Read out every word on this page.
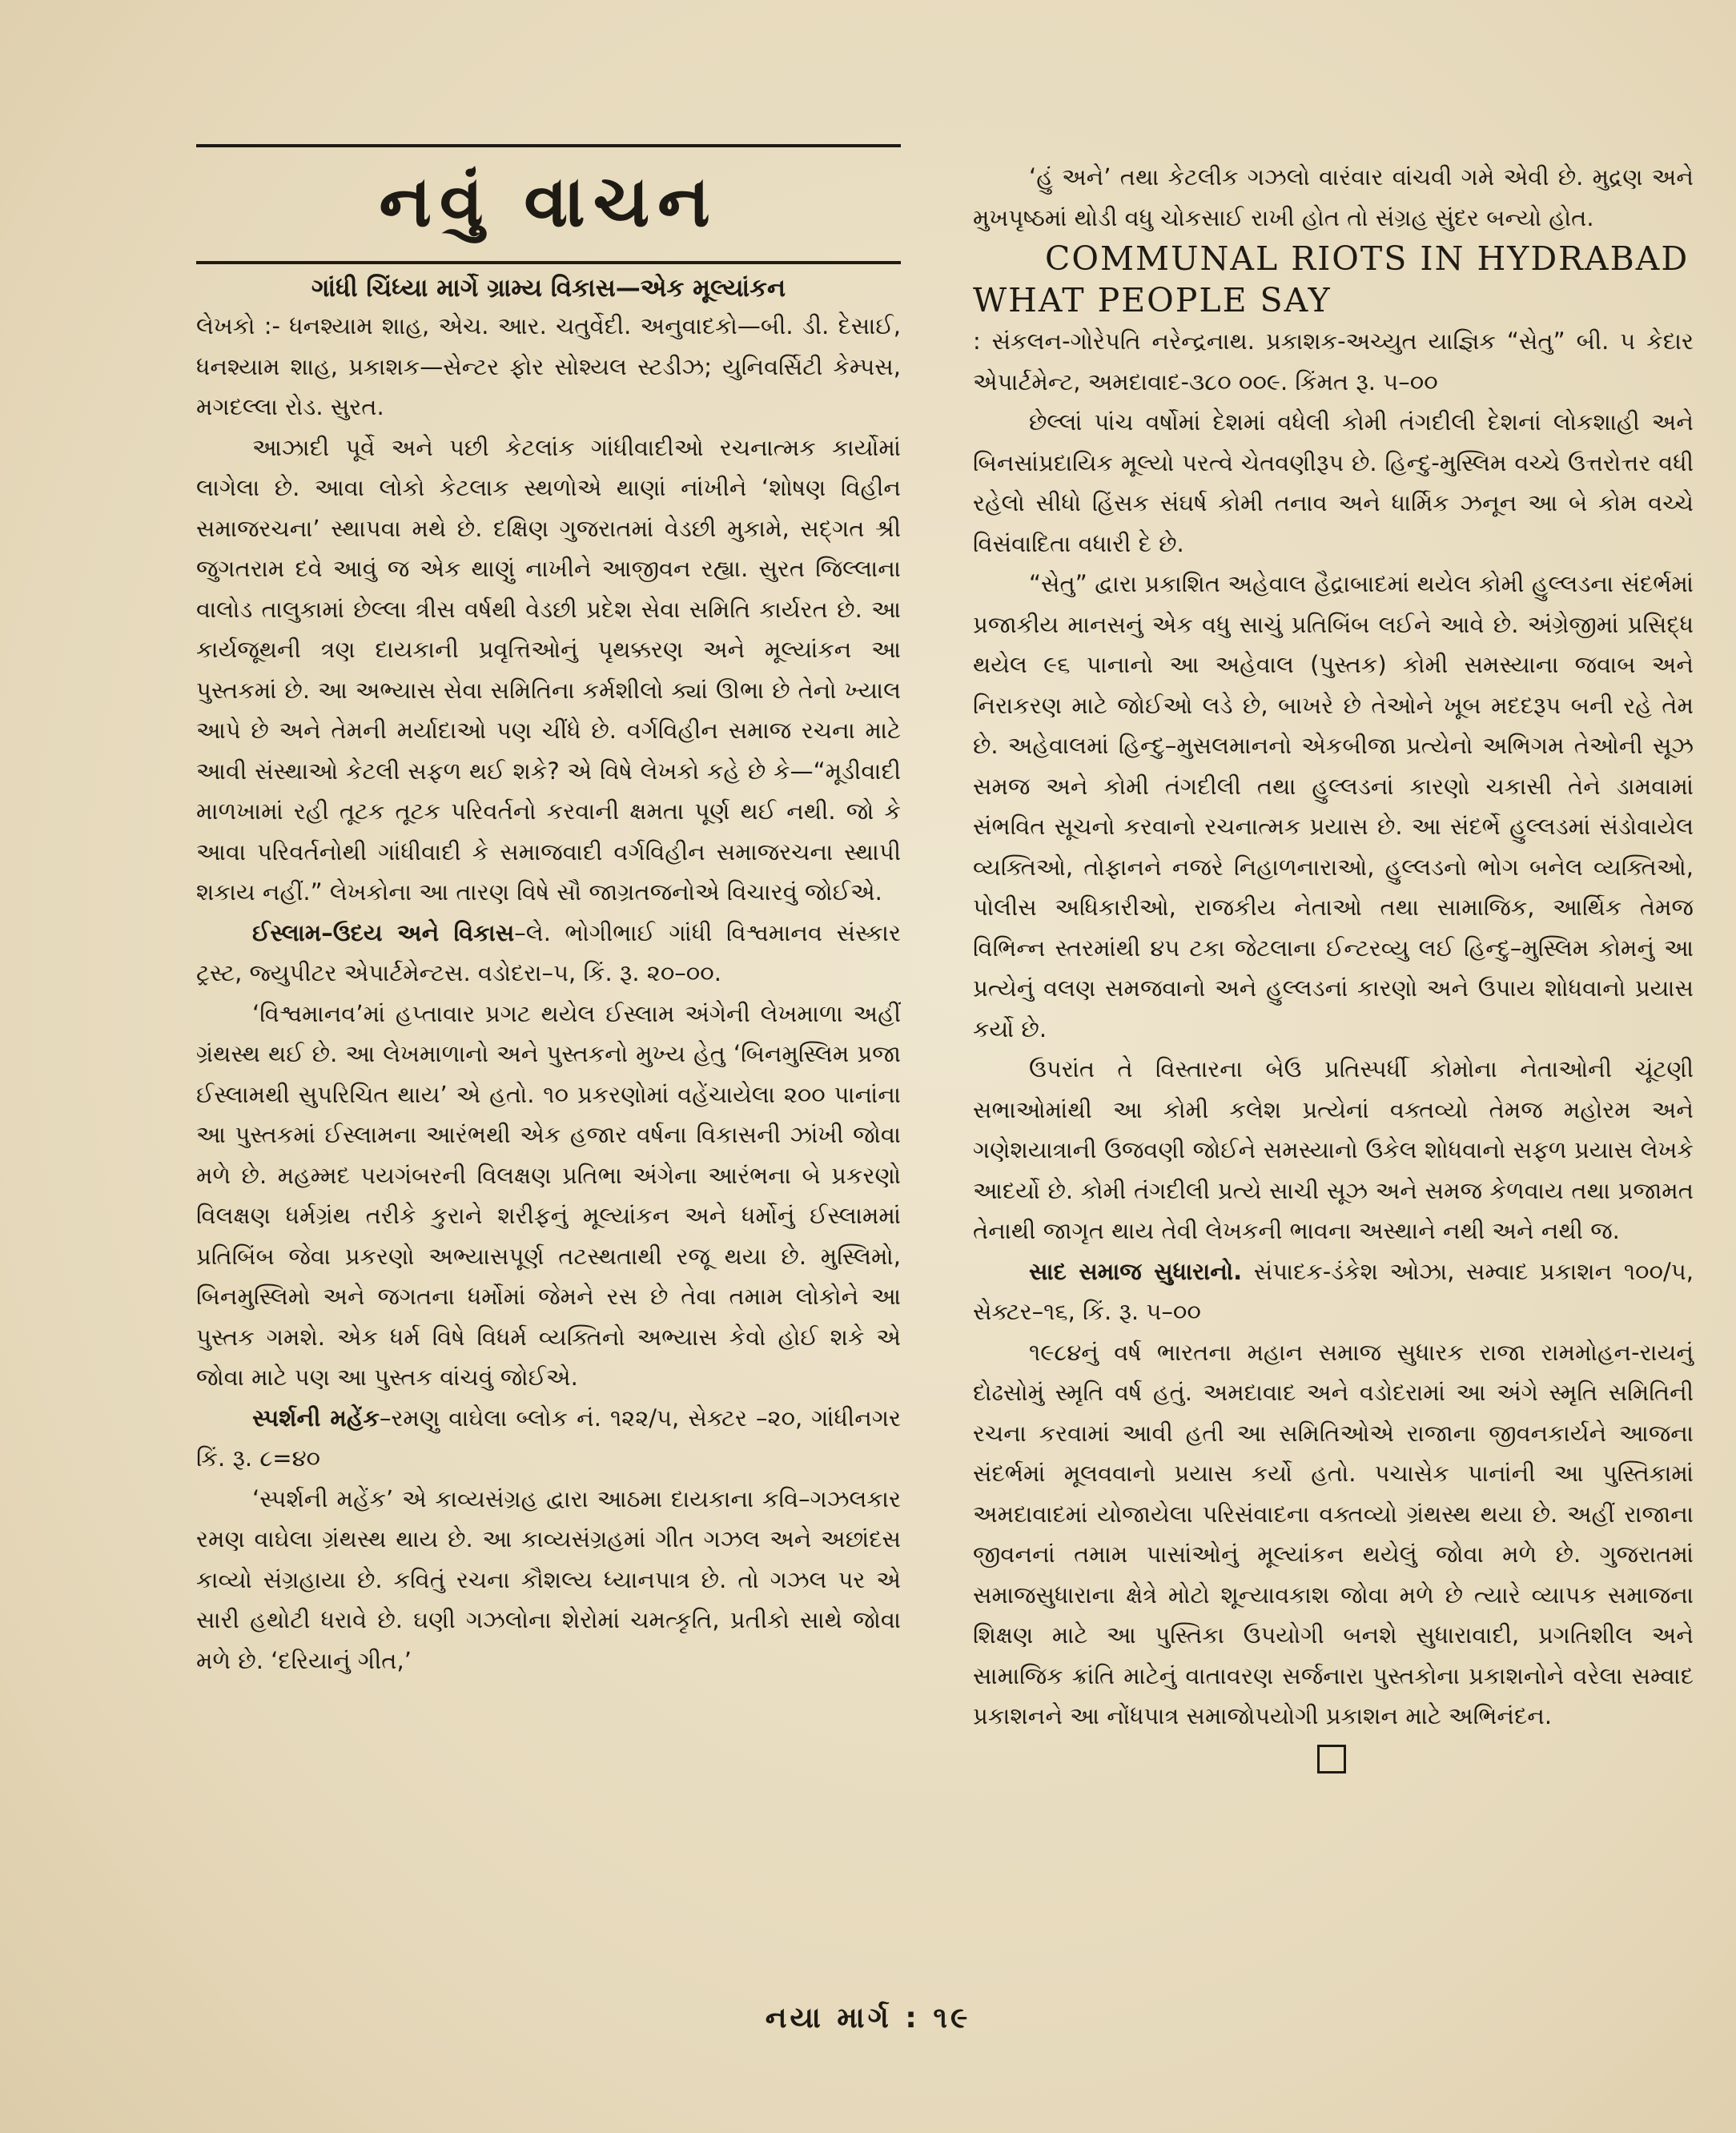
નવું વાચન

ગાંધી ચિંધ્યા માર્ગે ગ્રામ્ય વિકાસ—એક મૂલ્યાંકન

લેખકો :- ધનશ્યામ શાહ, એચ. આર. ચતુર્વેદી. અનુવાદકો—બી. ડી. દેસાઈ, ધનશ્યામ શાહ, પ્રકાશક—સેન્ટર ફોર સોશ્યલ સ્ટડીઝ; યુનિવર્સિટી કેમ્પસ, મગદલ્લા રોડ. સુરત.

આઝાદી પૂર્વે અને પછી કેટલાંક ગાંધીવાદીઓ રચનાત્મક કાર્યોમાં લાગેલા છે. આવા લોકો કેટલાક સ્થળોએ થાણાં નાંખીને ‘શોષણ વિહીન સમાજરચના’ સ્થાપવા મથે છે. દક્ષિણ ગુજરાતમાં વેડછી મુકામે, સદ્‌ગત શ્રી જુગતરામ દવે આવું જ એક થાણું નાખીને આજીવન રહ્યા. સુરત જિલ્લાના વાલોડ તાલુકામાં છેલ્લા ત્રીસ વર્ષથી વેડછી પ્રદેશ સેવા સમિતિ કાર્યરત છે. આ કાર્યજૂથની ત્રણ દાયકાની પ્રવૃત્તિઓનું પૃથક્કરણ અને મૂલ્યાંકન આ પુસ્તકમાં છે. આ અભ્યાસ સેવા સમિતિના કર્મશીલો ક્યાં ઊભા છે તેનો ખ્યાલ આપે છે અને તેમની મર્યાદાઓ પણ ચીંધે છે. વર્ગવિહીન સમાજ રચના માટે આવી સંસ્થાઓ કેટલી સફળ થઈ શકે? એ વિષે લેખકો કહે છે કે—“મૂડીવાદી માળખામાં રહી તૂટક તૂટક પરિવર્તનો કરવાની ક્ષમતા પૂર્ણ થઈ નથી. જો કે આવા પરિવર્તનોથી ગાંધીવાદી કે સમાજવાદી વર્ગવિહીન સમાજરચના સ્થાપી શકાય નહીં.” લેખકોના આ તારણ વિષે સૌ જાગ્રતજનોએ વિચારવું જોઈએ.

ઈસ્લામ–ઉદય અને વિકાસ–લે. ભોગીભાઈ ગાંધી વિશ્વમાનવ સંસ્કાર ટ્રસ્ટ, જ્યુપીટર એપાર્ટમેન્ટસ. વડોદરા–૫, કિં. રૂ. ૨૦–૦૦.

‘વિશ્વમાનવ’માં હપ્તાવાર પ્રગટ થયેલ ઈસ્લામ અંગેની લેખમાળા અહીં ગ્રંથસ્થ થઈ છે. આ લેખમાળાનો અને પુસ્તકનો મુખ્ય હેતુ ‘બિનમુસ્લિમ પ્રજા ઈસ્લામથી સુપરિચિત થાય’ એ હતો. ૧૦ પ્રકરણોમાં વહેંચાયેલા ૨૦૦ પાનાંના આ પુસ્તકમાં ઈસ્લામના આરંભથી એક હજાર વર્ષના વિકાસની ઝાંખી જોવા મળે છે. મહમ્મદ પયગંબરની વિલક્ષણ પ્રતિભા અંગેના આરંભના બે પ્રકરણો વિલક્ષણ ધર્મગ્રંથ તરીકે કુરાને શરીફનું મૂલ્યાંકન અને ધર્મોનું ઈસ્લામમાં પ્રતિબિંબ જેવા પ્રકરણો અભ્યાસપૂર્ણ તટસ્થતાથી રજૂ થયા છે. મુસ્લિમો, બિનમુસ્લિમો અને જગતના ધર્મોમાં જેમને રસ છે તેવા તમામ લોકોને આ પુસ્તક ગમશે. એક ધર્મ વિષે વિધર્મ વ્યક્તિનો અભ્યાસ કેવો હોઈ શકે એ જોવા માટે પણ આ પુસ્તક વાંચવું જોઈએ.

સ્પર્શની મહેંક–રમણુ વાઘેલા બ્લોક નં. ૧૨૨/૫, સેક્ટર –૨૦, ગાંધીનગર કિં. રૂ. ૮=૪૦

‘સ્પર્શની મહેંક’ એ કાવ્યસંગ્રહ દ્વારા આઠમા દાયકાના કવિ–ગઝલકાર રમણ વાઘેલા ગ્રંથસ્થ થાય છે. આ કાવ્યસંગ્રહમાં ગીત ગઝલ અને અછાંદસ કાવ્યો સંગ્રહાયા છે. કવિતું રચના કૌશલ્ય ધ્યાનપાત્ર છે. તો ગઝલ પર એ સારી હથોટી ધરાવે છે. ઘણી ગઝલોના શેરોમાં ચમત્કૃતિ, પ્રતીકો સાથે જોવા મળે છે. ‘દરિયાનું ગીત,’

‘હું અને’ તથા કેટલીક ગઝલો વારંવાર વાંચવી ગમે એવી છે. મુદ્રણ અને મુખપૃષ્ઠમાં થોડી વધુ ચોકસાઈ રાખી હોત તો સંગ્રહ સુંદર બન્યો હોત.

COMMUNAL RIOTS IN HYDRABAD WHAT PEOPLE SAY

: સંકલન-ગોરેપતિ નરેન્દ્રનાથ. પ્રકાશક-અચ્યુત યાજ્ઞિક “સેતુ” બી. ૫ કેદાર એપાર્ટમેન્ટ, અમદાવાદ-૩૮૦ ૦૦૯. કિંમત રૂ. ૫–૦૦

છેલ્લાં પાંચ વર્ષોમાં દેશમાં વધેલી કોમી તંગદીલી દેશનાં લોકશાહી અને બિનસાંપ્રદાયિક મૂલ્યો પરત્વે ચેતવણીરૂપ છે. હિન્દુ-મુસ્લિમ વચ્ચે ઉત્તરોત્તર વધી રહેલો સીધો હિંસક સંઘર્ષ કોમી તનાવ અને ધાર્મિક ઝનૂન આ બે કોમ વચ્ચે વિસંવાદિતા વધારી દે છે.

“સેતુ” દ્વારા પ્રકાશિત અહેવાલ હૈદ્રાબાદમાં થયેલ કોમી હુલ્લડના સંદર્ભમાં પ્રજાકીય માનસનું એક વધુ સાચું પ્રતિબિંબ લઈને આવે છે. અંગ્રેજીમાં પ્રસિદ્ધ થયેલ ૯૬ પાનાનો આ અહેવાલ (પુસ્તક) કોમી સમસ્યાના જવાબ અને નિરાકરણ માટે જોઈઓ લડે છે, બાખરે છે તેઓને ખૂબ મદદરૂપ બની રહે તેમ છે. અહેવાલમાં હિન્દુ–મુસલમાનનો એકબીજા પ્રત્યેનો અભિગમ તેઓની સૂઝ સમજ અને કોમી તંગદીલી તથા હુલ્લડનાં કારણો ચકાસી તેને ડામવામાં સંભવિત સૂચનો કરવાનો રચનાત્મક પ્રયાસ છે. આ સંદર્ભે હુલ્લડમાં સંડોવાયેલ વ્યક્તિઓ, તોફાનને નજરે નિહાળનારાઓ, હુલ્લડનો ભોગ બનેલ વ્યક્તિઓ, પોલીસ અધિકારીઓ, રાજકીય નેતાઓ તથા સામાજિક, આર્થિક તેમજ વિભિન્ન સ્તરમાંથી ૪૫ ટકા જેટલાના ઈન્ટરવ્યુ લઈ હિન્દુ–મુસ્લિમ કોમનું આ પ્રત્યેનું વલણ સમજવાનો અને હુલ્લડનાં કારણો અને ઉપાય શોધવાનો પ્રયાસ કર્યો છે.

ઉપરાંત તે વિસ્તારના બેઉ પ્રતિસ્પર્ધી કોમોના નેતાઓની ચૂંટણી સભાઓમાંથી આ કોમી કલેશ પ્રત્યેનાં વક્તવ્યો તેમજ મહોરમ અને ગણેશયાત્રાની ઉજવણી જોઈને સમસ્યાનો ઉકેલ શોધવાનો સફળ પ્રયાસ લેખકે આદર્યો છે. કોમી તંગદીલી પ્રત્યે સાચી સૂઝ અને સમજ કેળવાય તથા પ્રજામત તેનાથી જાગૃત થાય તેવી લેખકની ભાવના અસ્થાને નથી અને નથી જ.

સાદ સમાજ સુધારાનો. સંપાદક-ડંકેશ ઓઝા, સમ્વાદ પ્રકાશન ૧૦૦/૫, સેક્ટર–૧૬, કિં. રૂ. ૫–૦૦

૧૯૮૪નું વર્ષ ભારતના મહાન સમાજ સુધારક રાજા રામમોહન-રાયનું દોઢસોમું સ્મૃતિ વર્ષ હતું. અમદાવાદ અને વડોદરામાં આ અંગે સ્મૃતિ સમિતિની રચના કરવામાં આવી હતી આ સમિતિઓએ રાજાના જીવનકાર્યને આજના સંદર્ભમાં મૂલવવાનો પ્રયાસ કર્યો હતો. પચાસેક પાનાંની આ પુસ્તિકામાં અમદાવાદમાં યોજાયેલા પરિસંવાદના વક્તવ્યો ગ્રંથસ્થ થયા છે. અહીં રાજાના જીવનનાં તમામ પાસાંઓનું મૂલ્યાંકન થયેલું જોવા મળે છે. ગુજરાતમાં સમાજસુધારાના ક્ષેત્રે મોટો શૂન્યાવકાશ જોવા મળે છે ત્યારે વ્યાપક સમાજના શિક્ષણ માટે આ પુસ્તિકા ઉપયોગી બનશે સુધારાવાદી, પ્રગતિશીલ અને સામાજિક ક્રાંતિ માટેનું વાતાવરણ સર્જનારા પુસ્તકોના પ્રકાશનોને વરેલા સમ્વાદ પ્રકાશનને આ નોંધપાત્ર સમાજોપયોગી પ્રકાશન માટે અભિનંદન.

નયા માર્ગ : ૧૯
